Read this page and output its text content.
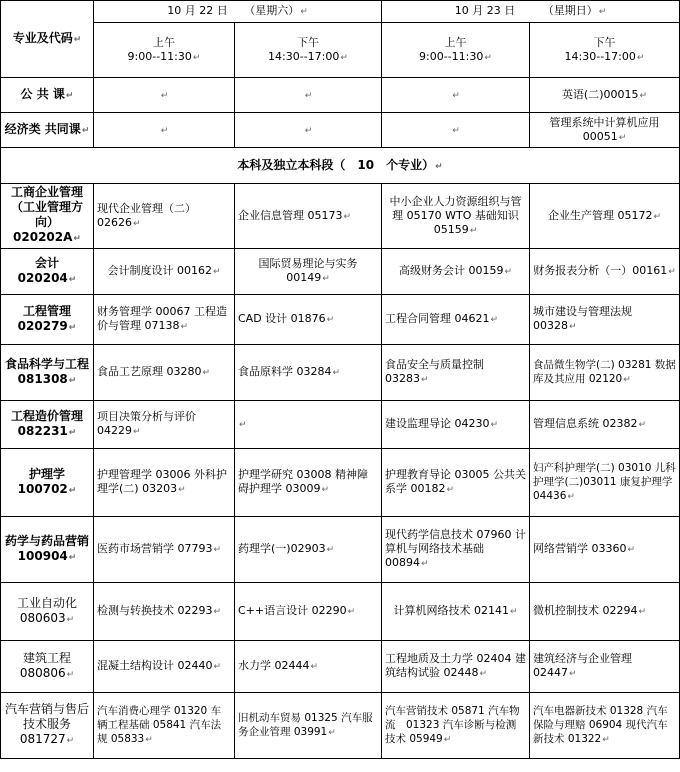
专业及代码↵	10 月 22 日　　（星期六）↵		10 月 23 日　　　（星期日）↵	

	上午
9:00--11:30↵	下午
14:30--17:00↵	上午
9:00--11:30↵	下午
14:30--17:00↵
公 共 课↵	↵	↵	↵	英语(二)00015↵
经济类 共同课↵	↵	↵	↵	管理系统中计算机应用 00051↵
本科及独立本科段（　10　个专业）↵				
工商企业管理（工业管理方向）020202A↵	现代企业管理（二）02626↵	企业信息管理 05173↵	中小企业人力资源组织与管理 05170 WTO 基础知识 05159↵	企业生产管理 05172↵
会计 020204↵	会计制度设计 00162↵	国际贸易理论与实务 00149↵	高级财务会计 00159↵	财务报表分析（一）00161↵
工程管理 020279↵	财务管理学 00067 工程造价与管理 07138↵	CAD 设计 01876↵	工程合同管理 04621↵	城市建设与管理法规 00328↵
食品科学与工程 081308↵	食品工艺原理 03280↵	食品原料学 03284↵	食品安全与质量控制 03283↵	食品微生物学(二) 03281 数据库及其应用 02120↵
工程造价管理 082231↵	项目决策分析与评价 04229↵	↵	建设监理导论 04230↵	管理信息系统 02382↵
护理学 100702↵	护理管理学 03006 外科护理学(二) 03203↵	护理学研究 03008 精神障碍护理学 03009↵	护理教育导论 03005 公共关系学 00182↵	妇产科护理学(二) 03010 儿科护理学(二)03011 康复护理学 04436↵
药学与药品营销 100904↵	医药市场营销学 07793↵	药理学(一)02903↵	现代药学信息技术 07960 计算机与网络技术基础 00894↵	网络营销学 03360↵
工业自动化 080603↵	检测与转换技术 02293↵	C++语言设计 02290↵	计算机网络技术 02141↵	微机控制技术 02294↵
建筑工程 080806↵	混凝土结构设计 02440↵	水力学 02444↵	工程地质及土力学 02404 建筑结构试验 02448↵	建筑经济与企业管理 02447↵
汽车营销与售后技术服务 081727↵	汽车消费心理学 01320 车辆工程基础 05841 汽车法规 05833↵	旧机动车贸易 01325 汽车服务企业管理 03991↵	汽车营销技术 05871 汽车物流　01323 汽车诊断与检测技术 05949↵	汽车电器新技术 01328 汽车保险与理赔 06904 现代汽车新技术 01322↵
